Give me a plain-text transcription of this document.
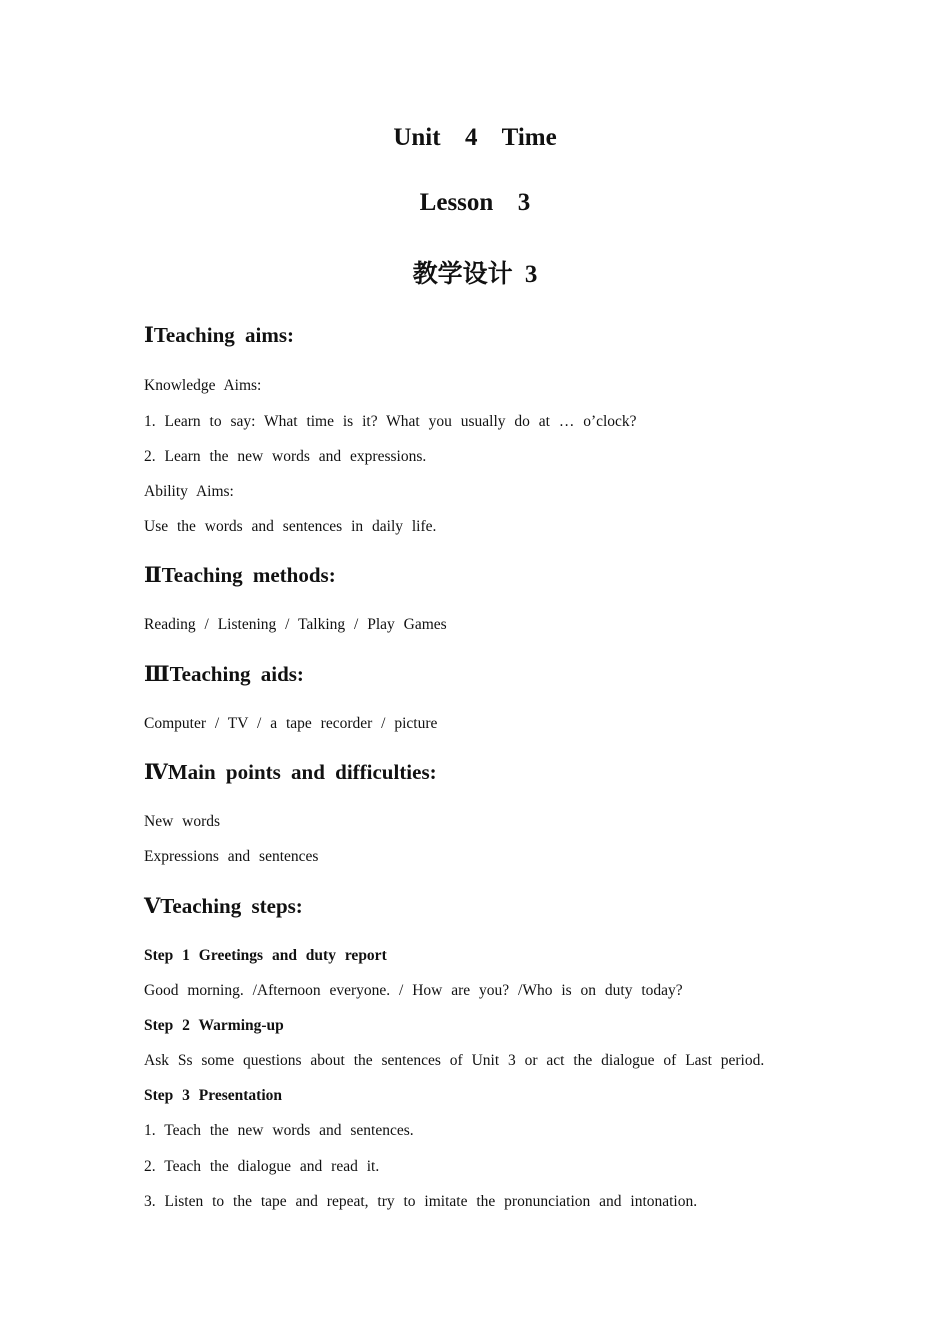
Unit  4  Time
Lesson  3
教学设计 3
ⅠTeaching aims:

Knowledge Aims:

1. Learn to say: What time is it? What you usually do at … o’clock?

2. Learn the new words and expressions.

Ability Aims:

Use the words and sentences in daily life.

ⅡTeaching methods:

Reading / Listening / Talking / Play Games

ⅢTeaching aids:

Computer / TV / a tape recorder / picture

ⅣMain points and difficulties:

New words

Expressions and sentences

ⅤTeaching steps:

Step 1 Greetings and duty report

Good morning. /Afternoon everyone. / How are you? /Who is on duty today?

Step 2 Warming-up

Ask Ss some questions about the sentences of Unit 3 or act the dialogue of Last period.

Step 3 Presentation

1. Teach the new words and sentences.

2. Teach the dialogue and read it.

3. Listen to the tape and repeat, try to imitate the pronunciation and intonation.
